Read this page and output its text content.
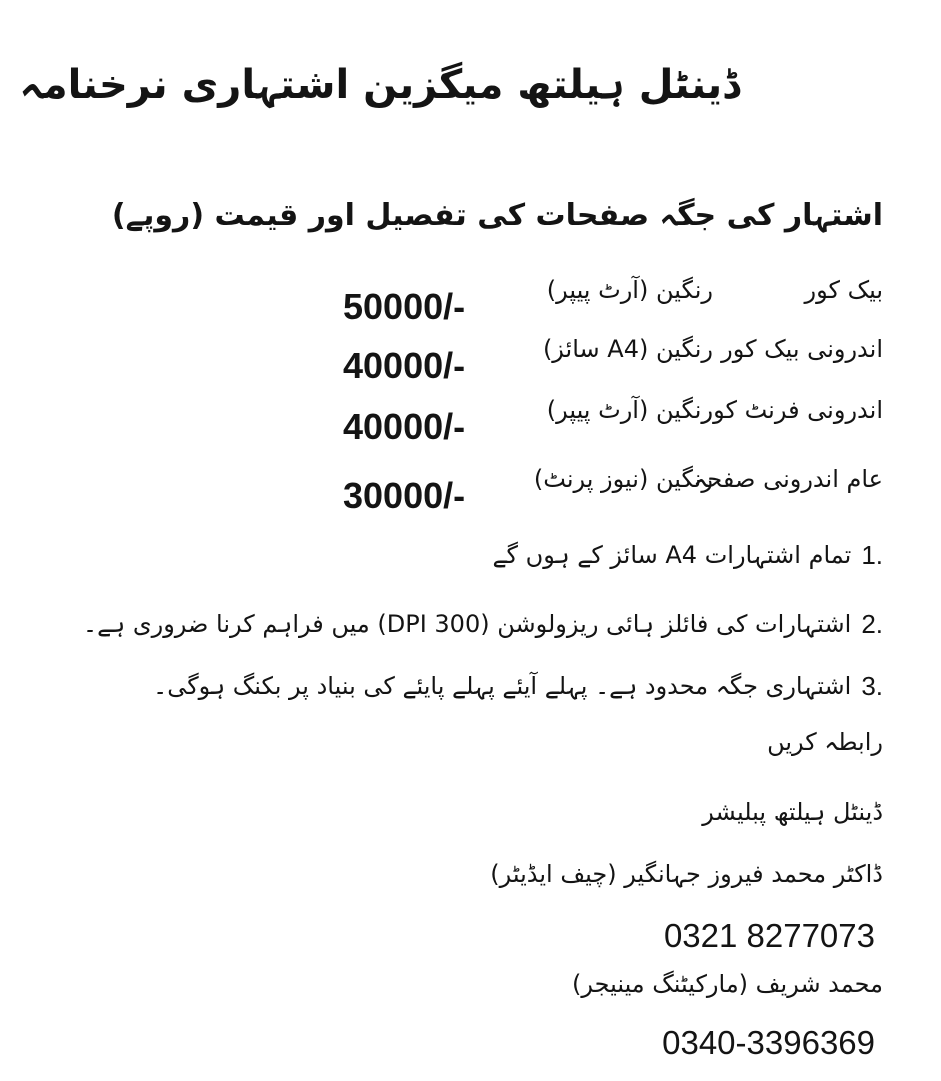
ڈینٹل ہیلتھ میگزین اشتہاری نرخنامہ
اشتہار کی جگہ صفحات کی تفصیل اور قیمت (روپے)
بیک کور
رنگین (آرٹ پیپر)
50000/-
اندرونی بیک کور
رنگین (A4 سائز)
40000/-
اندرونی فرنٹ کور
رنگین (آرٹ پیپر)
40000/-
عام اندرونی صفحہ
رنگین (نیوز پرنٹ)
30000/-
تمام اشتہارات A4 سائز کے ہوں گے 1.
اشتہارات کی فائلز ہائی ریزولوشن (300 DPI) میں فراہم کرنا ضروری ہے۔ 2.
اشتہاری جگہ محدود ہے۔ پہلے آیئے پہلے پایئے کی بنیاد پر بکنگ ہوگی۔ 3.
رابطہ کریں
ڈینٹل ہیلتھ پبلیشر
ڈاکٹر محمد فیروز جہانگیر (چیف ایڈیٹر)
0321 8277073
محمد شریف (مارکیٹنگ مینیجر)
0340-3396369
